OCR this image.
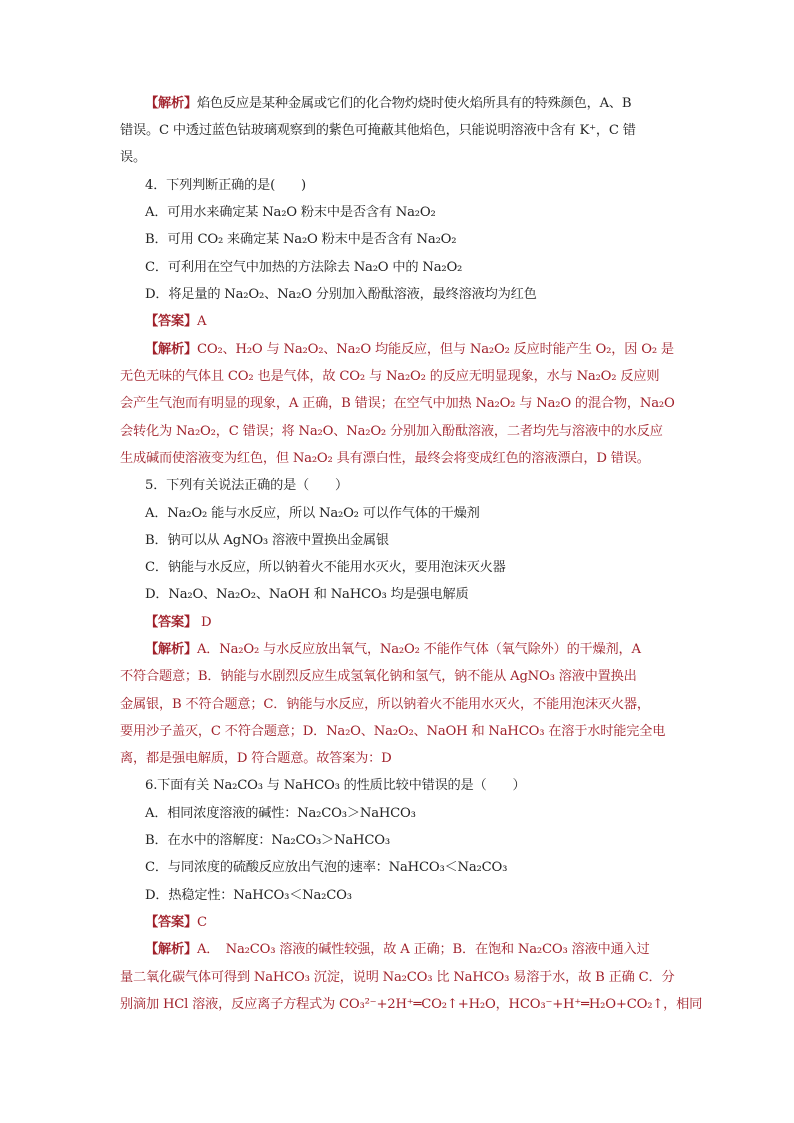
【解析】焰色反应是某种金属或它们的化合物灼烧时使火焰所具有的特殊颜色，A、B
错误。C 中透过蓝色钴玻璃观察到的紫色可掩蔽其他焰色，只能说明溶液中含有 K⁺，C 错
误。
4．下列判断正确的是(　　)
A．可用水来确定某 Na₂O 粉末中是否含有 Na₂O₂
B．可用 CO₂ 来确定某 Na₂O 粉末中是否含有 Na₂O₂
C．可利用在空气中加热的方法除去 Na₂O 中的 Na₂O₂
D．将足量的 Na₂O₂、Na₂O 分别加入酚酞溶液，最终溶液均为红色
【答案】A
【解析】CO₂、H₂O 与 Na₂O₂、Na₂O 均能反应，但与 Na₂O₂ 反应时能产生 O₂，因 O₂ 是
无色无味的气体且 CO₂ 也是气体，故 CO₂ 与 Na₂O₂ 的反应无明显现象，水与 Na₂O₂ 反应则
会产生气泡而有明显的现象，A 正确，B 错误；在空气中加热 Na₂O₂ 与 Na₂O 的混合物，Na₂O
会转化为 Na₂O₂，C 错误；将 Na₂O、Na₂O₂ 分别加入酚酞溶液，二者均先与溶液中的水反应
生成碱而使溶液变为红色，但 Na₂O₂ 具有漂白性，最终会将变成红色的溶液漂白，D 错误。
5．下列有关说法正确的是（　　）
A．Na₂O₂ 能与水反应，所以 Na₂O₂ 可以作气体的干燥剂
B．钠可以从 AgNO₃ 溶液中置换出金属银
C．钠能与水反应，所以钠着火不能用水灭火，要用泡沫灭火器
D．Na₂O、Na₂O₂、NaOH 和 NaHCO₃ 均是强电解质
【答案】 D
【解析】A．Na₂O₂ 与水反应放出氧气，Na₂O₂ 不能作气体（氧气除外）的干燥剂，A
不符合题意；B．钠能与水剧烈反应生成氢氧化钠和氢气，钠不能从 AgNO₃ 溶液中置换出
金属银，B 不符合题意；C．钠能与水反应，所以钠着火不能用水灭火，不能用泡沫灭火器，
要用沙子盖灭，C 不符合题意；D．Na₂O、Na₂O₂、NaOH 和 NaHCO₃ 在溶于水时能完全电
离，都是强电解质，D 符合题意。故答案为：D
6.下面有关 Na₂CO₃ 与 NaHCO₃ 的性质比较中错误的是（　　）
A．相同浓度溶液的碱性：Na₂CO₃＞NaHCO₃
B．在水中的溶解度：Na₂CO₃＞NaHCO₃
C．与同浓度的硫酸反应放出气泡的速率：NaHCO₃＜Na₂CO₃
D．热稳定性：NaHCO₃＜Na₂CO₃
【答案】C
【解析】A．　Na₂CO₃ 溶液的碱性较强，故 A 正确；B．在饱和 Na₂CO₃ 溶液中通入过
量二氧化碳气体可得到 NaHCO₃ 沉淀，说明 Na₂CO₃ 比 NaHCO₃ 易溶于水，故 B 正确 C．分
别滴加 HCl 溶液，反应离子方程式为 CO₃²⁻+2H⁺═CO₂↑+H₂O，HCO₃⁻+H⁺═H₂O+CO₂↑，相同
